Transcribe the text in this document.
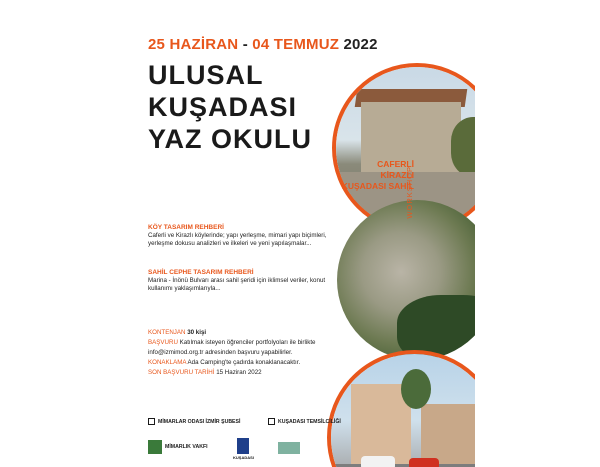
25 HAZİRAN - 04 TEMMUZ 2022
ULUSAL
KUŞADASI
YAZ OKULU
CAFERLİ
KİRAZLI
KUŞADASI SAHİL
WORKSHOP
KÖY TASARIM REHBERİ
Caferli ve Kirazlı köylerinde; yapı yerleşme, mimari yapı biçimleri, yerleşme dokusu analizleri ve ilkeleri ve yeni yapılaşmalar...
SAHİL CEPHE TASARIM REHBERİ
Marina - İnönü Bulvarı arası sahil şeridi için iklimsel veriler, konut kullanımı yaklaşımlarıyla...
KONTENJAN 30 kişi
BAŞVURU Katılmak isteyen öğrenciler portfolyoları ile birlikte
info@izmimod.org.tr adresinden başvuru yapabilirler.
KONAKLAMA Ada Camping'te çadırda konaklanacaktır.
SON BAŞVURU TARİHİ 15 Haziran 2022
MİMARLAR ODASI İZMİR ŞUBESİ	KUŞADASI TEMSİLCİLİĞİ
MİMARLIK VAKFI
KUŞADASI
